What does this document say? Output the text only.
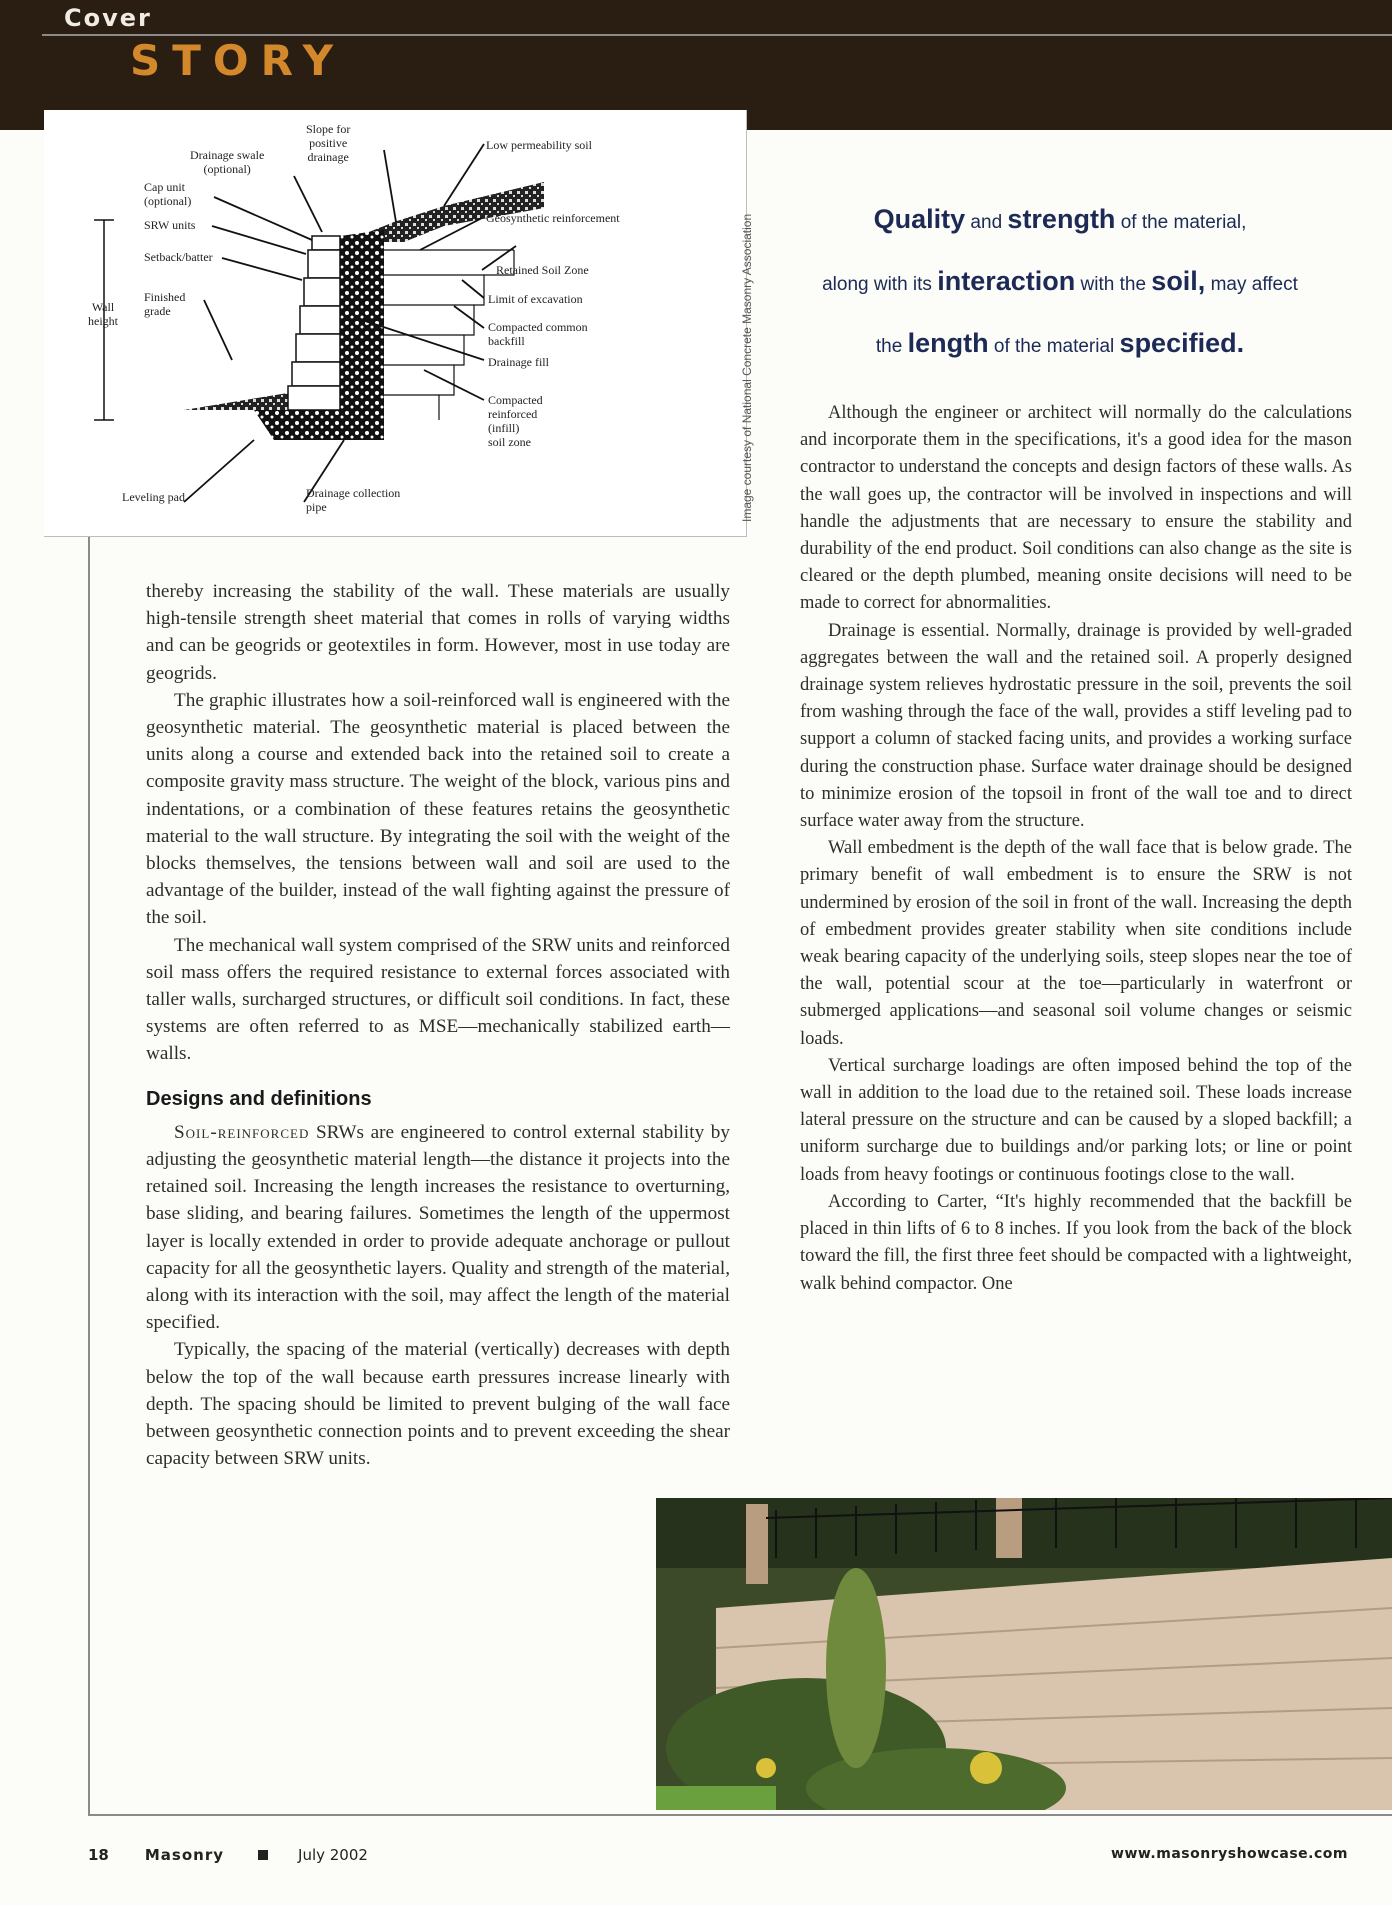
Cover
STORY
Slope for
positive
drainage
Drainage swale
(optional)
Low permeability soil
Cap unit
(optional)
SRW units	Geosynthetic reinforcement
Wall
height
Setback/batter
Retained Soil Zone
Limit of excavation
Finished
grade
Compacted common
backfill
Drainage fill
Compacted
reinforced
(infill)
soil zone
Leveling pad	Drainage collection
pipe	Image courtesy of National Concrete Masonry Association	Quality and strength of the material,
along with its interaction with the soil, may affect
the length of the material specified.

thereby increasing the stability of the wall. These materials are usually high-tensile strength sheet material that comes in rolls of varying widths and can be geogrids or geotextiles in form. However, most in use today are geogrids.

The graphic illustrates how a soil-reinforced wall is engineered with the geosynthetic material. The geosynthetic material is placed between the units along a course and extended back into the retained soil to create a composite gravity mass structure. The weight of the block, various pins and indentations, or a combination of these features retains the geosynthetic material to the wall structure. By integrating the soil with the weight of the blocks themselves, the tensions between wall and soil are used to the advantage of the builder, instead of the wall fighting against the pressure of the soil.

The mechanical wall system comprised of the SRW units and reinforced soil mass offers the required resistance to external forces associated with taller walls, surcharged structures, or difficult soil conditions. In fact, these systems are often referred to as MSE—mechanically stabilized earth—walls.

Designs and definitions

Soil-reinforced SRWs are engineered to control external stability by adjusting the geosynthetic material length—the distance it projects into the retained soil. Increasing the length increases the resistance to overturning, base sliding, and bearing failures. Sometimes the length of the uppermost layer is locally extended in order to provide adequate anchorage or pullout capacity for all the geosynthetic layers. Quality and strength of the material, along with its interaction with the soil, may affect the length of the material specified.

Typically, the spacing of the material (vertically) decreases with depth below the top of the wall because earth pressures increase linearly with depth. The spacing should be limited to prevent bulging of the wall face between geosynthetic connection points and to prevent exceeding the shear capacity between SRW units.

Although the engineer or architect will normally do the calculations and incorporate them in the specifications, it's a good idea for the mason contractor to understand the concepts and design factors of these walls. As the wall goes up, the contractor will be involved in inspections and will handle the adjustments that are necessary to ensure the stability and durability of the end product. Soil conditions can also change as the site is cleared or the depth plumbed, meaning onsite decisions will need to be made to correct for abnormalities.

Drainage is essential. Normally, drainage is provided by well-graded aggregates between the wall and the retained soil. A properly designed drainage system relieves hydrostatic pressure in the soil, prevents the soil from washing through the face of the wall, provides a stiff leveling pad to support a column of stacked facing units, and provides a working surface during the construction phase. Surface water drainage should be designed to minimize erosion of the topsoil in front of the wall toe and to direct surface water away from the structure.

Wall embedment is the depth of the wall face that is below grade. The primary benefit of wall embedment is to ensure the SRW is not undermined by erosion of the soil in front of the wall. Increasing the depth of embedment provides greater stability when site conditions include weak bearing capacity of the underlying soils, steep slopes near the toe of the wall, potential scour at the toe—particularly in waterfront or submerged applications—and seasonal soil volume changes or seismic loads.

Vertical surcharge loadings are often imposed behind the top of the wall in addition to the load due to the retained soil. These loads increase lateral pressure on the structure and can be caused by a sloped backfill; a uniform surcharge due to buildings and/or parking lots; or line or point loads from heavy footings or continuous footings close to the wall.

According to Carter, “It's highly recommended that the backfill be placed in thin lifts of 6 to 8 inches. If you look from the back of the block toward the fill, the first three feet should be compacted with a lightweight, walk behind compactor. One

18 Masonry	July 2002	www.masonryshowcase.com
